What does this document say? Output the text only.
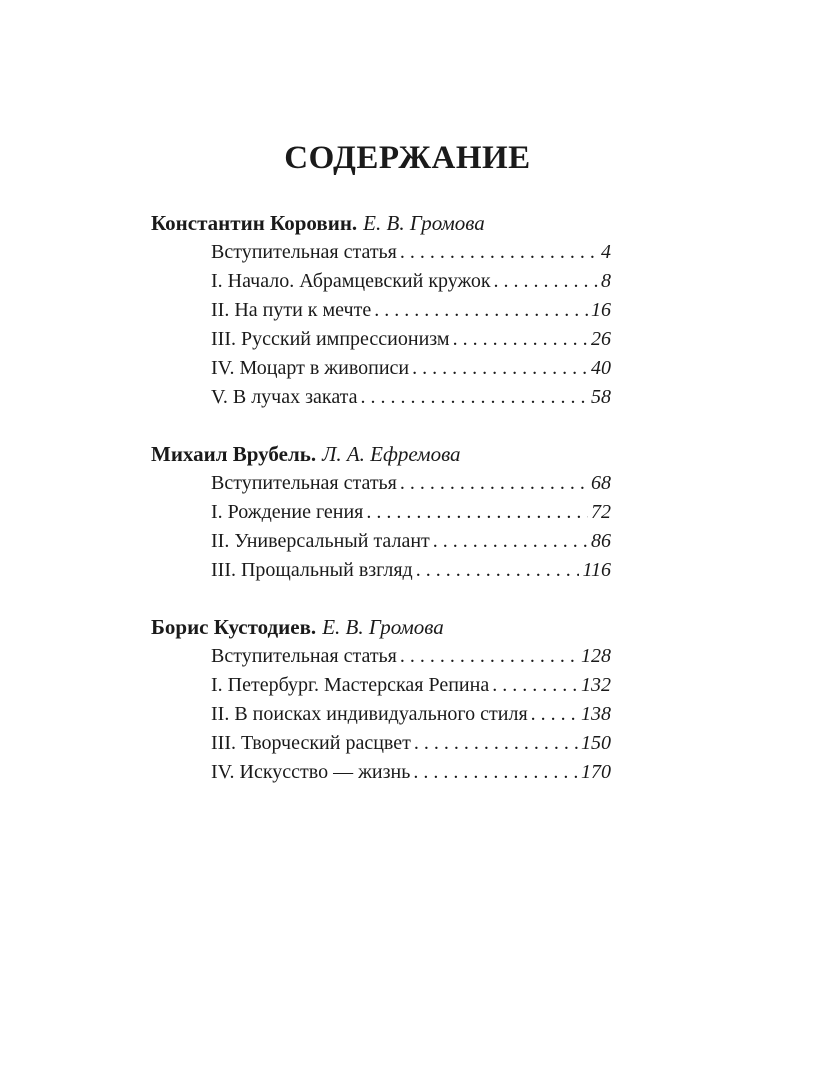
СОДЕРЖАНИЕ

Константин Коровин. Е. В. Громова

Вступительная статья . . .	4
I. Начало. Абрамцевский кружок . . .	8
II. На пути к мечте . . .	16
III. Русский импрессионизм . . .	26
IV. Моцарт в живописи . . .	40
V. В лучах заката . . .	58

Михаил Врубель. Л. А. Ефремова

Вступительная статья . . .	68
I. Рождение гения . . .	72
II. Универсальный талант . . .	86
III. Прощальный взгляд . . .	116

Борис Кустодиев. Е. В. Громова

Вступительная статья . . .	128
I. Петербург. Мастерская Репина . . .	132
II. В поисках индивидуального стиля . . .	138
III. Творческий расцвет . . .	150
IV. Искусство — жизнь . . .	170
